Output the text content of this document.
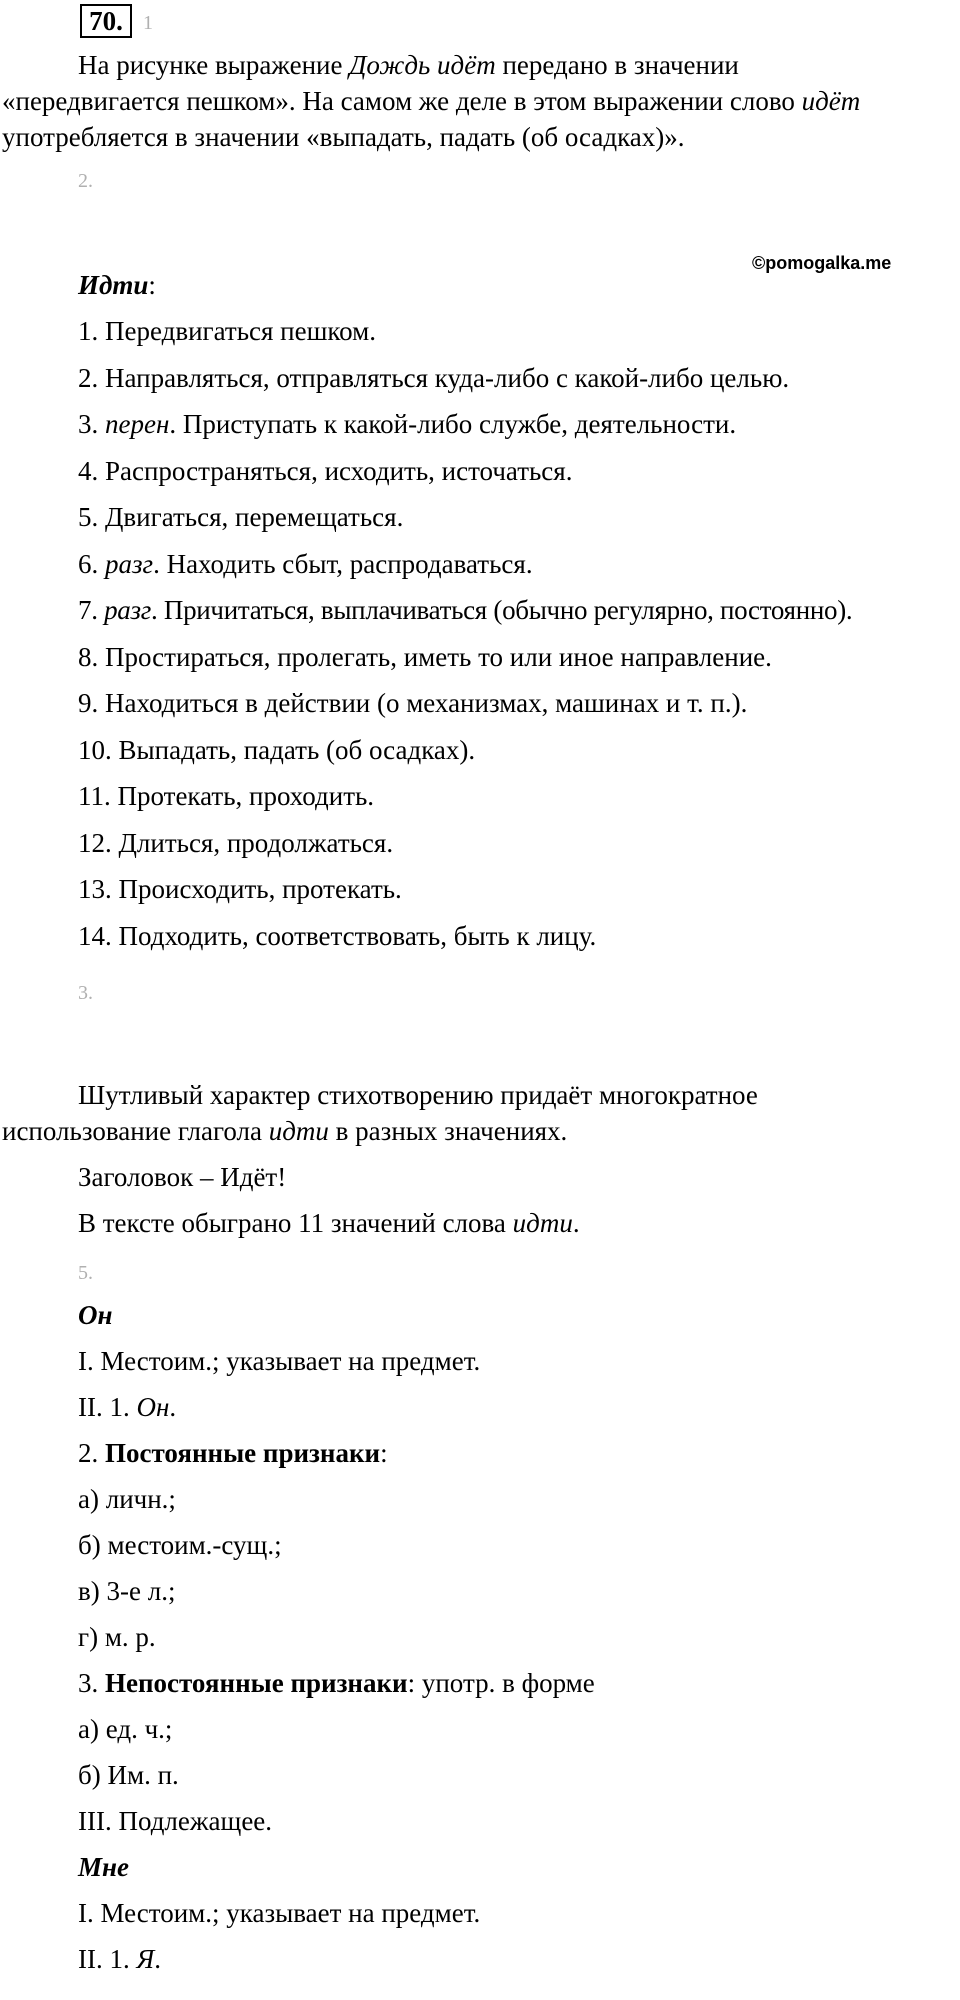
70.	1

На рисунке выражение Дождь идёт передано в значении

«передвигается пешком». На самом же деле в этом выражении слово идёт

употребляется в значении «выпадать, падать (об осадках)».

2.

©pomogalka.me

Идти:

1. Передвигаться пешком.

2. Направляться, отправляться куда-либо с какой-либо целью.

3. перен. Приступать к какой-либо службе, деятельности.

4. Распространяться, исходить, источаться.

5. Двигаться, перемещаться.

6. разг. Находить сбыт, распродаваться.

7. разг. Причитаться, выплачиваться (обычно регулярно, постоянно).

8. Простираться, пролегать, иметь то или иное направление.

9. Находиться в действии (о механизмах, машинах и т. п.).

10. Выпадать, падать (об осадках).

11. Протекать, проходить.

12. Длиться, продолжаться.

13. Происходить, протекать.

14. Подходить, соответствовать, быть к лицу.

3.

Шутливый характер стихотворению придаёт многократное

использование глагола идти в разных значениях.

Заголовок – Идёт!

В тексте обыграно 11 значений слова идти.

5.

Он

I. Местоим.; указывает на предмет.

II. 1. Он.

2. Постоянные признаки:

а) личн.;

б) местоим.-сущ.;

в) 3-е л.;

г) м. р.

3. Непостоянные признаки: употр. в форме

а) ед. ч.;

б) Им. п.

III. Подлежащее.

Мне

I. Местоим.; указывает на предмет.

II. 1. Я.
